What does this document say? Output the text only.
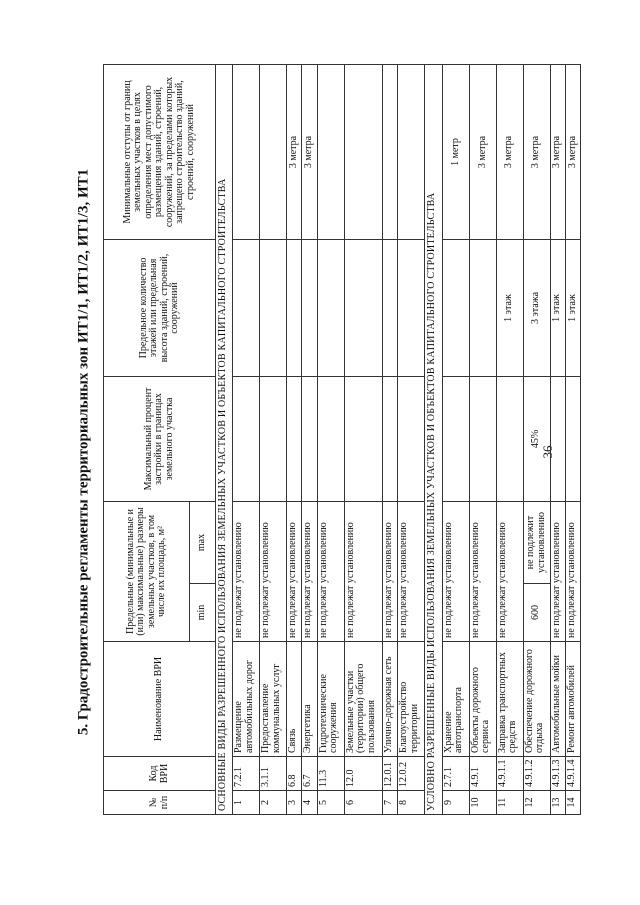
36
5. Градостроительные регламенты территориальных зон ИТ1/1, ИТ1/2, ИТ1/3, ИТ1
№ п/п	Код ВРИ	Наименование ВРИ	Предельные (минимальные и (или) максимальные) размеры земельных участков, в том числе их площадь, м²		Максимальный процент застройки в границах земельного участка	Предельное количество этажей или предельная высота зданий, строений, сооружений	Минимальные отступы от границ земельных участков в целях определения мест допустимого размещения зданий, строений, сооружений, за пределами которых запрещено строительство зданий, строений, сооружений
			min	max			
ОСНОВНЫЕ ВИДЫ РАЗРЕШЕННОГО ИСПОЛЬЗОВАНИЯ ЗЕМЕЛЬНЫХ УЧАСТКОВ И ОБЪЕКТОВ КАПИТАЛЬНОГО СТРОИТЕЛЬСТВА							
1	7.2.1	Размещение автомобильных дорог	не подлежат установлению				
2	3.1.1	Предоставление коммунальных услуг	не подлежат установлению				
3	6.8	Связь	не подлежат установлению				3 метра
4	6.7	Энергетика	не подлежат установлению				3 метра
5	11.3	Гидротехнические сооружения	не подлежат установлению				
6	12.0	Земельные участки (территории) общего пользования	не подлежат установлению				
7	12.0.1	Улично-дорожная сеть	не подлежат установлению				
8	12.0.2	Благоустройство территории	не подлежат установлению				
УСЛОВНО РАЗРЕШЕННЫЕ ВИДЫ ИСПОЛЬЗОВАНИЯ ЗЕМЕЛЬНЫХ УЧАСТКОВ И ОБЪЕКТОВ КАПИТАЛЬНОГО СТРОИТЕЛЬСТВА							
9	2.7.1	Хранение автотранспорта	не подлежат установлению				1 метр
10	4.9.1	Объекты дорожного сервиса	не подлежат установлению				3 метра
11	4.9.1.1	Заправка транспортных средств	не подлежат установлению			1 этаж	3 метра
12	4.9.1.2	Обеспечение дорожного отдыха	600	не подлежит установлению	45%	3 этажа	3 метра
13	4.9.1.3	Автомобильные мойки	не подлежат установлению			1 этаж	3 метра
14	4.9.1.4	Ремонт автомобилей	не подлежат установлению			1 этаж	3 метра
